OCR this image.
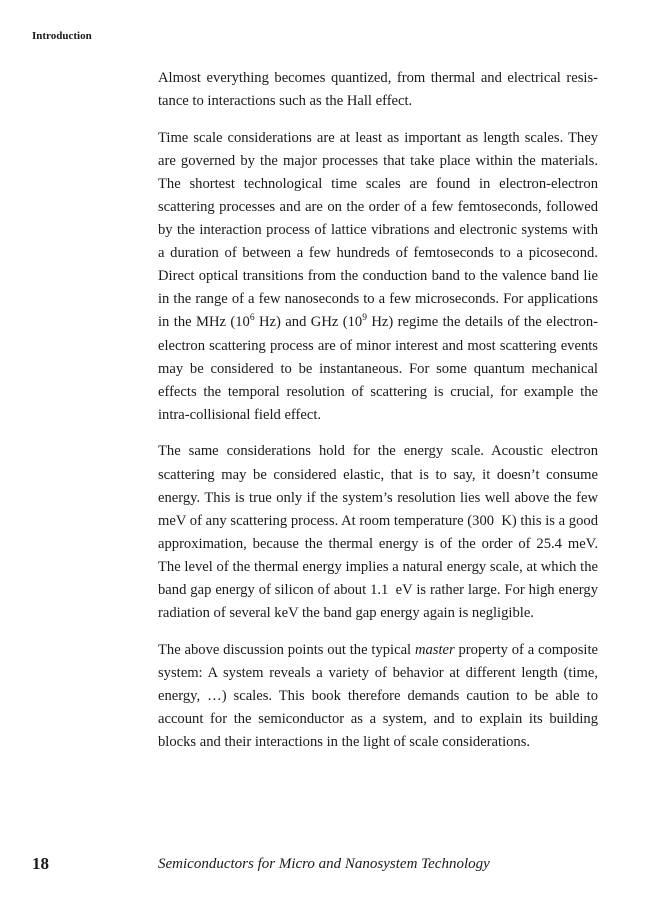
Introduction

Almost everything becomes quantized, from thermal and electrical resistance to interactions such as the Hall effect.

Time scale considerations are at least as important as length scales. They are governed by the major processes that take place within the materials. The shortest technological time scales are found in electron-electron scattering processes and are on the order of a few femtoseconds, followed by the interaction process of lattice vibrations and electronic systems with a duration of between a few hundreds of femtoseconds to a picosecond. Direct optical transitions from the conduction band to the valence band lie in the range of a few nanoseconds to a few microseconds. For applications in the MHz ($10^6$ Hz) and GHz ($10^9$ Hz) regime the details of the electron-electron scattering process are of minor interest and most scattering events may be considered to be instantaneous. For some quantum mechanical effects the temporal resolution of scattering is crucial, for example the intra-collisional field effect.

The same considerations hold for the energy scale. Acoustic electron scattering may be considered elastic, that is to say, it doesn’t consume energy. This is true only if the system’s resolution lies well above the few meV of any scattering process. At room temperature (300 K) this is a good approximation, because the thermal energy is of the order of 25.4 meV. The level of the thermal energy implies a natural energy scale, at which the band gap energy of silicon of about 1.1 eV is rather large. For high energy radiation of several keV the band gap energy again is negligible.

The above discussion points out the typical master property of a composite system: A system reveals a variety of behavior at different length (time, energy, …) scales. This book therefore demands caution to be able to account for the semiconductor as a system, and to explain its building blocks and their interactions in the light of scale considerations.

18	Semiconductors for Micro and Nanosystem Technology
